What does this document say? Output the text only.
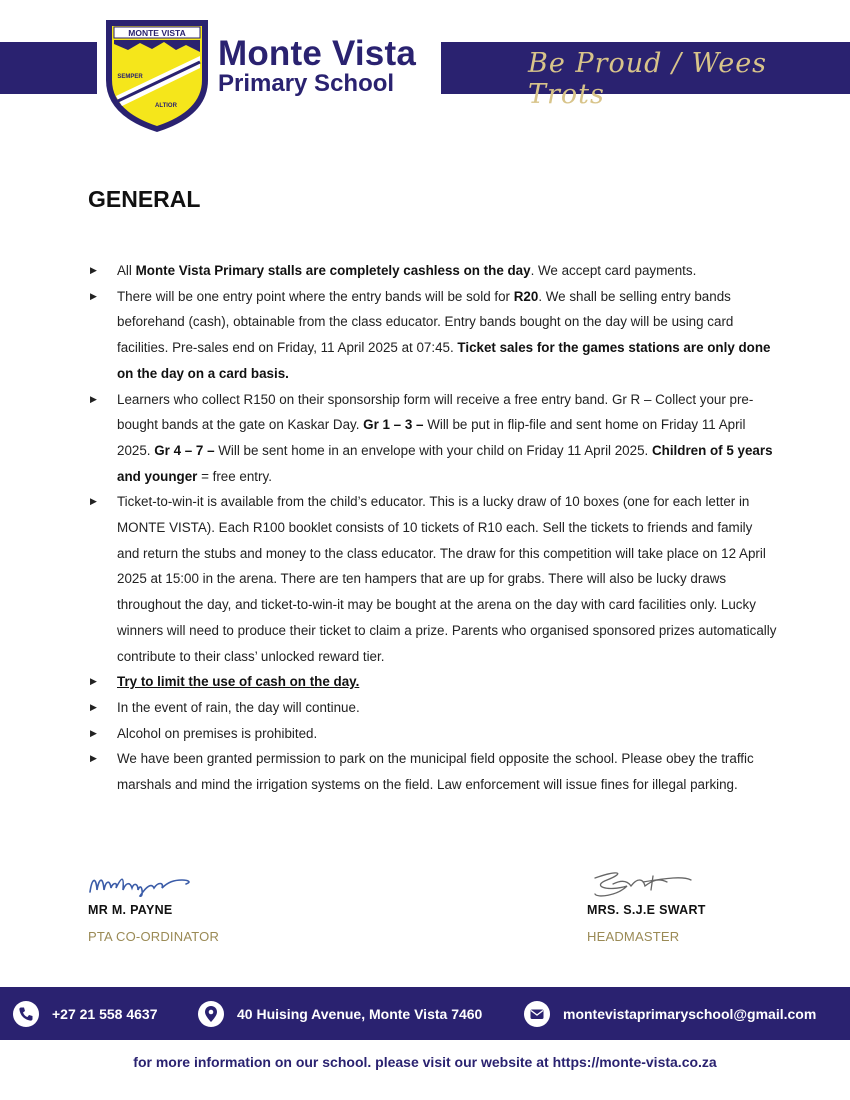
MONTE VISTA
SEMPER
ALTIOR
Monte Vista
Primary School
Be Proud / Wees Trots
GENERAL
▶ All Monte Vista Primary stalls are completely cashless on the day. We accept card payments.
▶ There will be one entry point where the entry bands will be sold for R20. We shall be selling entry bands beforehand (cash), obtainable from the class educator. Entry bands bought on the day will be using card facilities. Pre-sales end on Friday, 11 April 2025 at 07:45. Ticket sales for the games stations are only done on the day on a card basis.
▶ Learners who collect R150 on their sponsorship form will receive a free entry band. Gr R – Collect your pre-bought bands at the gate on Kaskar Day. Gr 1 – 3 – Will be put in flip-file and sent home on Friday 11 April 2025. Gr 4 – 7 – Will be sent home in an envelope with your child on Friday 11 April 2025. Children of 5 years and younger = free entry.
▶ Ticket-to-win-it is available from the child’s educator. This is a lucky draw of 10 boxes (one for each letter in MONTE VISTA). Each R100 booklet consists of 10 tickets of R10 each. Sell the tickets to friends and family and return the stubs and money to the class educator. The draw for this competition will take place on 12 April 2025 at 15:00 in the arena. There are ten hampers that are up for grabs. There will also be lucky draws throughout the day, and ticket-to-win-it may be bought at the arena on the day with card facilities only. Lucky winners will need to produce their ticket to claim a prize. Parents who organised sponsored prizes automatically contribute to their class’ unlocked reward tier.
▶ Try to limit the use of cash on the day.
▶ In the event of rain, the day will continue.
▶ Alcohol on premises is prohibited.
▶ We have been granted permission to park on the municipal field opposite the school. Please obey the traffic marshals and mind the irrigation systems on the field. Law enforcement will issue fines for illegal parking.
MR M. PAYNE
PTA CO-ORDINATOR
MRS. S.J.E SWART
HEADMASTER
+27 21 558 4637	40 Huising Avenue, Monte Vista 7460	montevistaprimaryschool@gmail.com
for more information on our school. please visit our website at https://monte-vista.co.za
